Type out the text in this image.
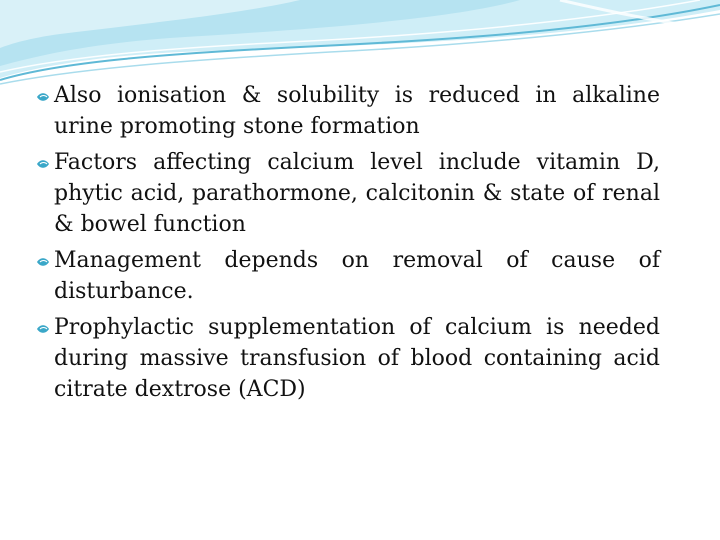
Also ionisation & solubility is reduced in alkaline urine promoting stone formation

Factors affecting calcium level include vitamin D, phytic acid, parathormone, calcitonin & state of renal & bowel function

Management depends on removal of cause of disturbance.

Prophylactic supplementation of calcium is needed during massive transfusion of blood containing acid citrate dextrose (ACD)
